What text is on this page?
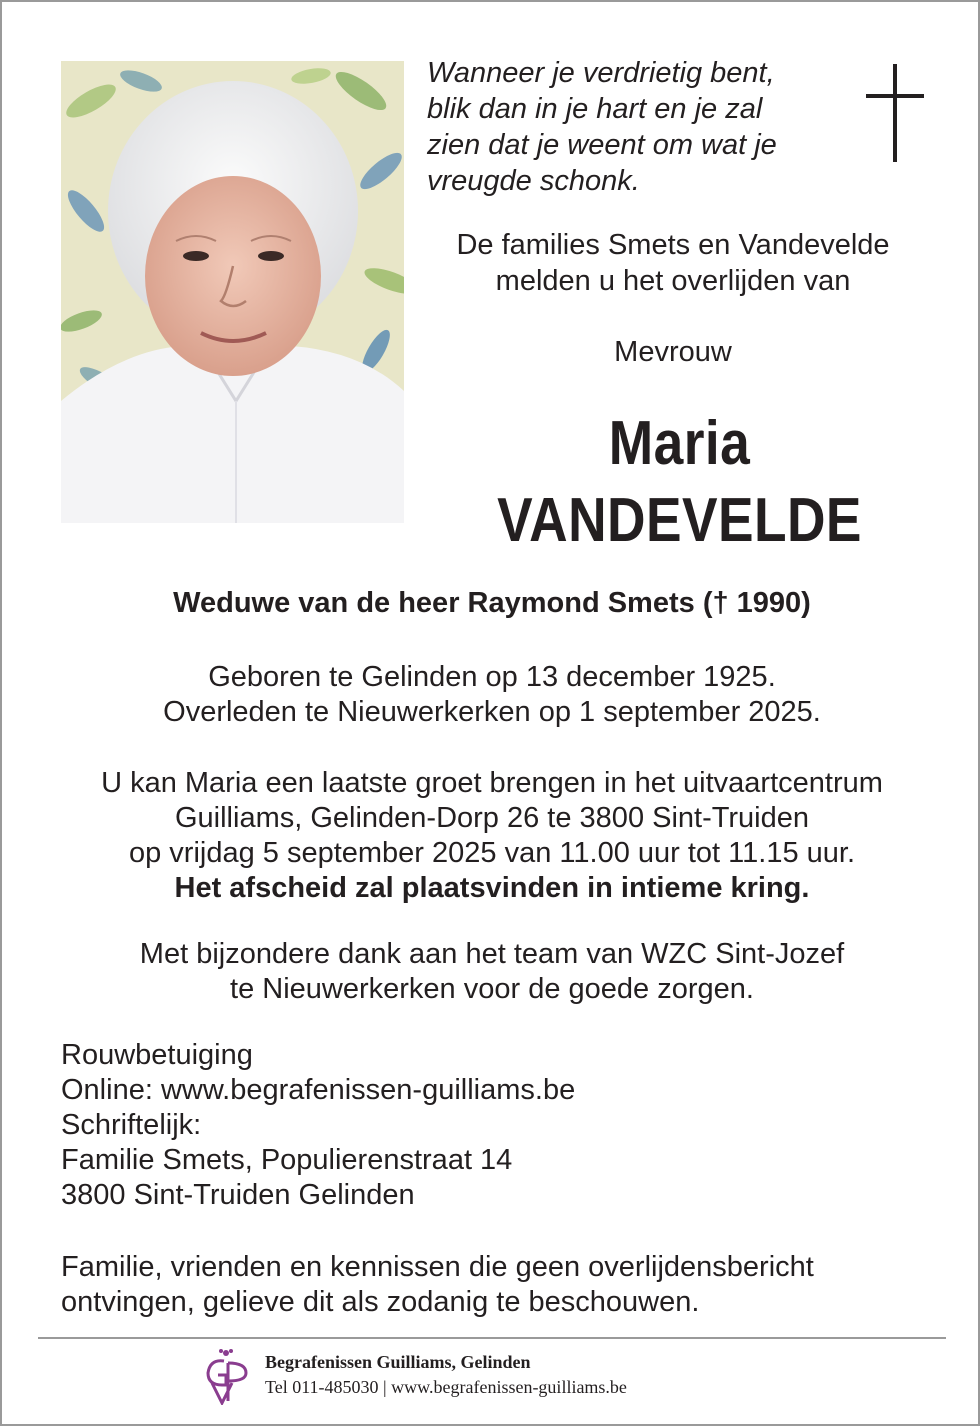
Wanneer je verdrietig bent,
blik dan in je hart en je zal
zien dat je weent om wat je
vreugde schonk.
De families Smets en Vandevelde
melden u het overlijden van
Mevrouw
Maria
VANDEVELDE
Weduwe van de heer Raymond Smets († 1990)
Geboren te Gelinden op 13 december 1925.
Overleden te Nieuwerkerken op 1 september 2025.
U kan Maria een laatste groet brengen in het uitvaartcentrum
Guilliams, Gelinden-Dorp 26 te 3800 Sint-Truiden
op vrijdag 5 september 2025 van 11.00 uur tot 11.15 uur.
Het afscheid zal plaatsvinden in intieme kring.
Met bijzondere dank aan het team van WZC Sint-Jozef
te Nieuwerkerken voor de goede zorgen.
Rouwbetuiging
Online: www.begrafenissen-guilliams.be
Schriftelijk:
Familie Smets, Populierenstraat 14
3800 Sint-Truiden Gelinden
Familie, vrienden en kennissen die geen overlijdensbericht
ontvingen, gelieve dit als zodanig te beschouwen.
Begrafenissen Guilliams, Gelinden
Tel 011-485030 | www.begrafenissen-guilliams.be
